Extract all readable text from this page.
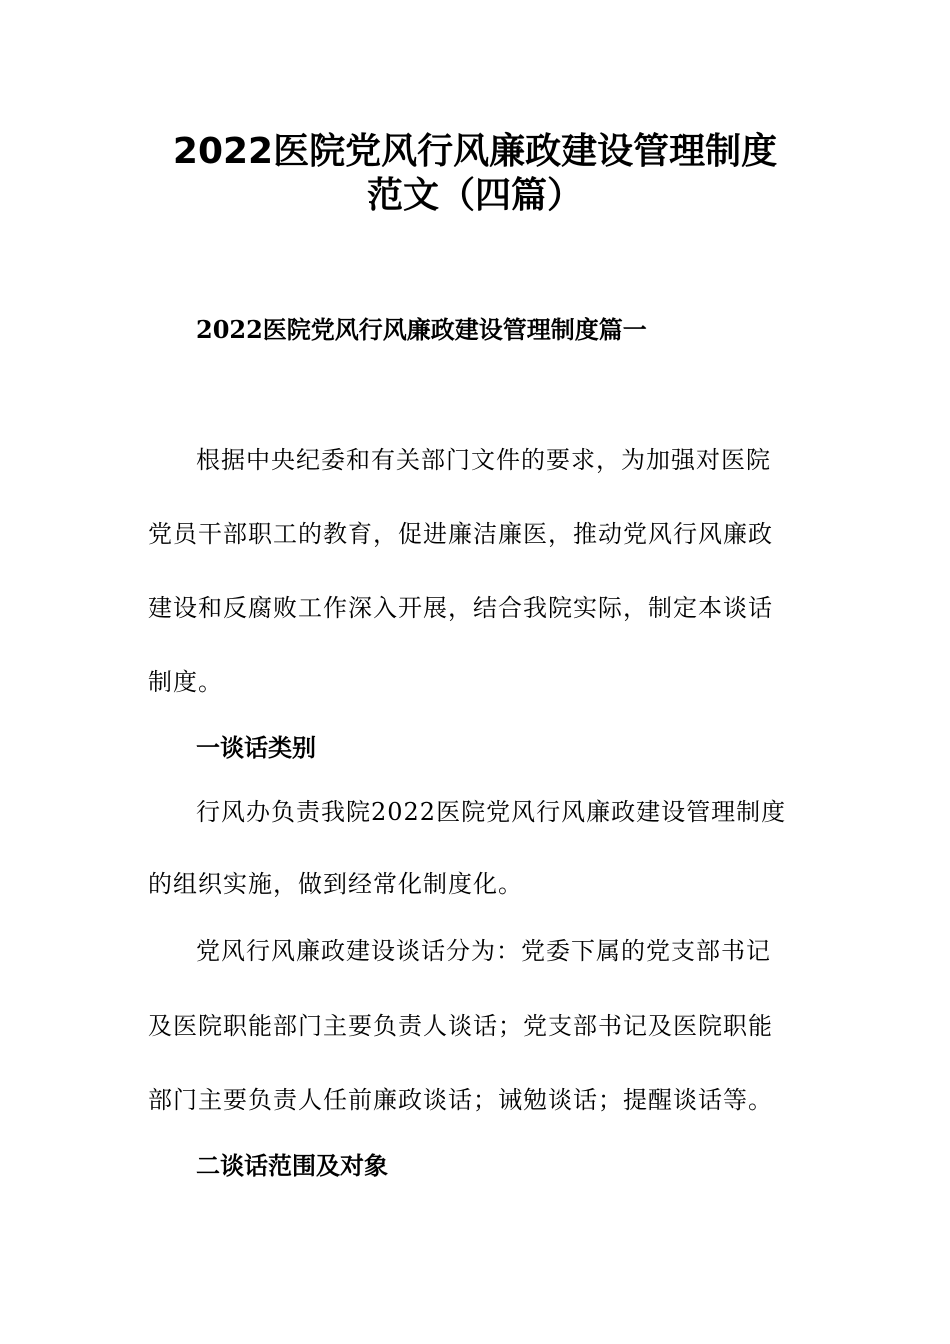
2022医院党风行风廉政建设管理制度
范文（四篇）
2022医院党风行风廉政建设管理制度篇一
根据中央纪委和有关部门文件的要求，为加强对医院
党员干部职工的教育，促进廉洁廉医，推动党风行风廉政
建设和反腐败工作深入开展，结合我院实际，制定本谈话
制度。
一谈话类别
行风办负责我院2022医院党风行风廉政建设管理制度
的组织实施，做到经常化制度化。
党风行风廉政建设谈话分为：党委下属的党支部书记
及医院职能部门主要负责人谈话；党支部书记及医院职能
部门主要负责人任前廉政谈话；诫勉谈话；提醒谈话等。
二谈话范围及对象
